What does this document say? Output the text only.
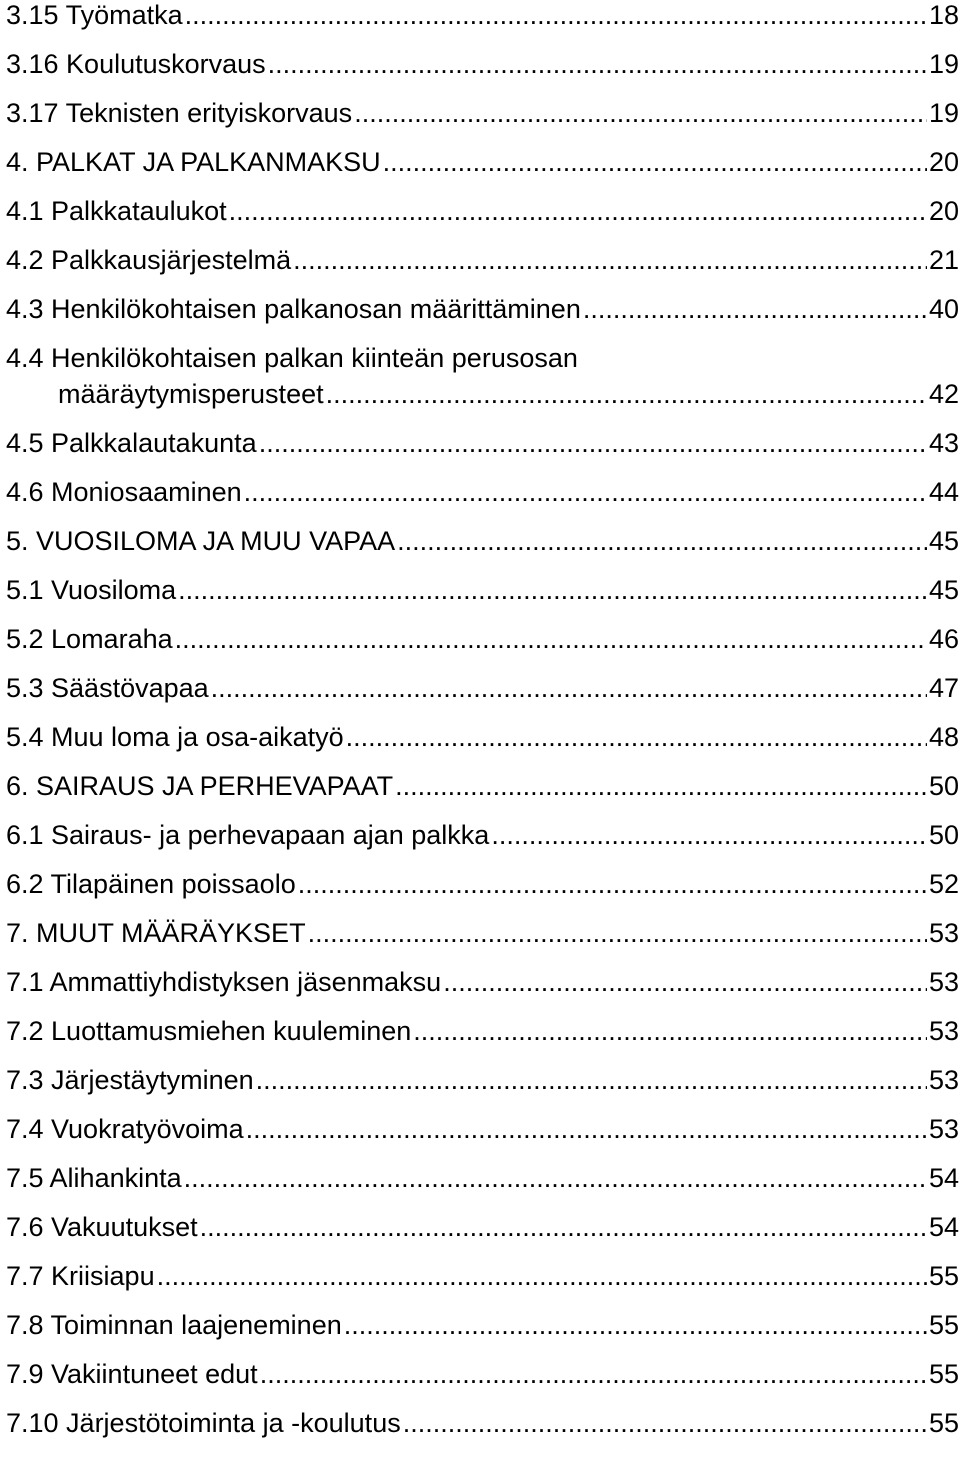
3.15 Työmatka .....	18
3.16 Koulutuskorvaus .....	19
3.17 Teknisten erityiskorvaus .....	19
4. PALKAT JA PALKANMAKSU .....	20
4.1 Palkkataulukot .....	20
4.2 Palkkausjärjestelmä .....	21
4.3 Henkilökohtaisen palkanosan määrittäminen .....	40
4.4 Henkilökohtaisen palkan kiinteän perusosan
määräytymisperusteet .....	42
4.5 Palkkalautakunta .....	43
4.6 Moniosaaminen .....	44
5. VUOSILOMA JA MUU VAPAA .....	45
5.1 Vuosiloma .....	45
5.2 Lomaraha .....	46
5.3 Säästövapaa .....	47
5.4 Muu loma ja osa-aikatyö .....	48
6. SAIRAUS JA PERHEVAPAAT .....	50
6.1 Sairaus- ja perhevapaan ajan palkka .....	50
6.2 Tilapäinen poissaolo .....	52
7. MUUT MÄÄRÄYKSET .....	53
7.1 Ammattiyhdistyksen jäsenmaksu .....	53
7.2 Luottamusmiehen kuuleminen .....	53
7.3 Järjestäytyminen .....	53
7.4 Vuokratyövoima .....	53
7.5 Alihankinta .....	54
7.6 Vakuutukset .....	54
7.7 Kriisiapu .....	55
7.8 Toiminnan laajeneminen .....	55
7.9 Vakiintuneet edut .....	55
7.10 Järjestötoiminta ja -koulutus .....	55
